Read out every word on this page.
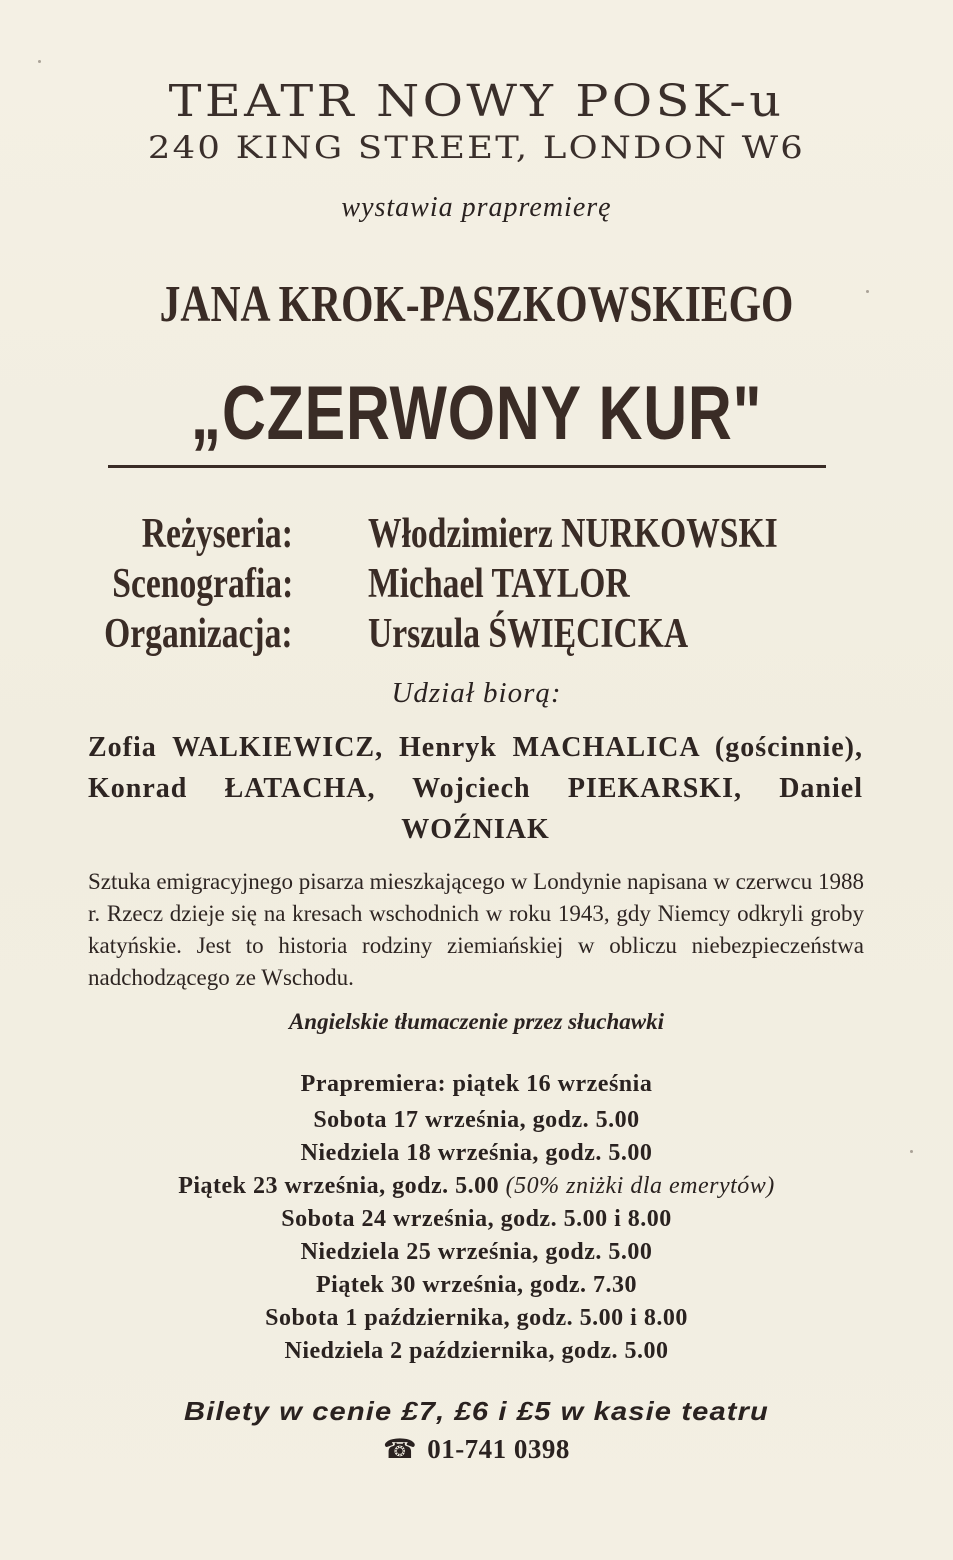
TEATR NOWY POSK-u
240 KING STREET, LONDON W6
wystawia prapremierę
JANA KROK-PASZKOWSKIEGO
„CZERWONY KUR"
Reżyseria: Włodzimierz NURKOWSKI
Scenografia: Michael TAYLOR
Organizacja: Urszula ŚWIĘCICKA
Udział biorą:
Zofia WALKIEWICZ, Henryk MACHALICA (gościnnie), Konrad ŁATACHA, Wojciech PIEKARSKI, Daniel WOŹNIAK
Sztuka emigracyjnego pisarza mieszkającego w Londynie napisana w czerwcu 1988 r. Rzecz dzieje się na kresach wschodnich w roku 1943, gdy Niemcy odkryli groby katyńskie. Jest to historia rodziny ziemiańskiej w obliczu niebezpieczeństwa nadchodzącego ze Wschodu.
Angielskie tłumaczenie przez słuchawki
Prapremiera: piątek 16 września
Sobota 17 września, godz. 5.00
Niedziela 18 września, godz. 5.00
Piątek 23 września, godz. 5.00 (50% zniżki dla emerytów)
Sobota 24 września, godz. 5.00 i 8.00
Niedziela 25 września, godz. 5.00
Piątek 30 września, godz. 7.30
Sobota 1 października, godz. 5.00 i 8.00
Niedziela 2 października, godz. 5.00
Bilety w cenie £7, £6 i £5 w kasie teatru
☎ 01-741 0398
